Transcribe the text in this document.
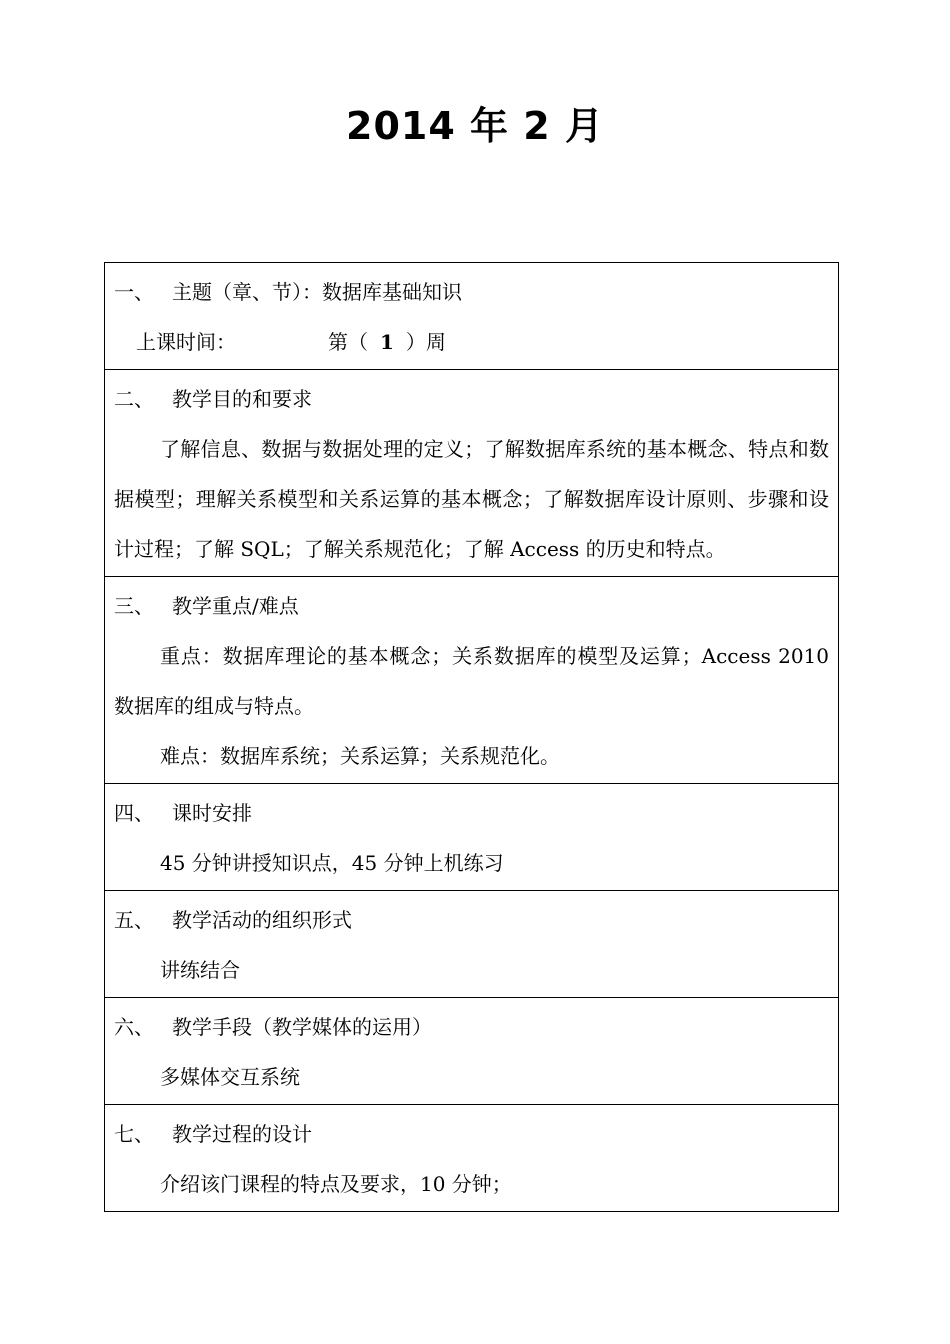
2014 年 2 月
一、 主题（章、节）：数据库基础知识
上课时间：	第（ 1 ）周

二、 教学目的和要求
了解信息、数据与数据处理的定义；了解数据库系统的基本概念、特点和数据模型；理解关系模型和关系运算的基本概念；了解数据库设计原则、步骤和设计过程；了解 SQL；了解关系规范化；了解 Access 的历史和特点。

三、 教学重点/难点
重点：数据库理论的基本概念；关系数据库的模型及运算；Access 2010 数据库的组成与特点。
难点：数据库系统；关系运算；关系规范化。

四、 课时安排
45 分钟讲授知识点，45 分钟上机练习

五、 教学活动的组织形式
讲练结合

六、 教学手段（教学媒体的运用）
多媒体交互系统

七、 教学过程的设计
介绍该门课程的特点及要求，10 分钟；
